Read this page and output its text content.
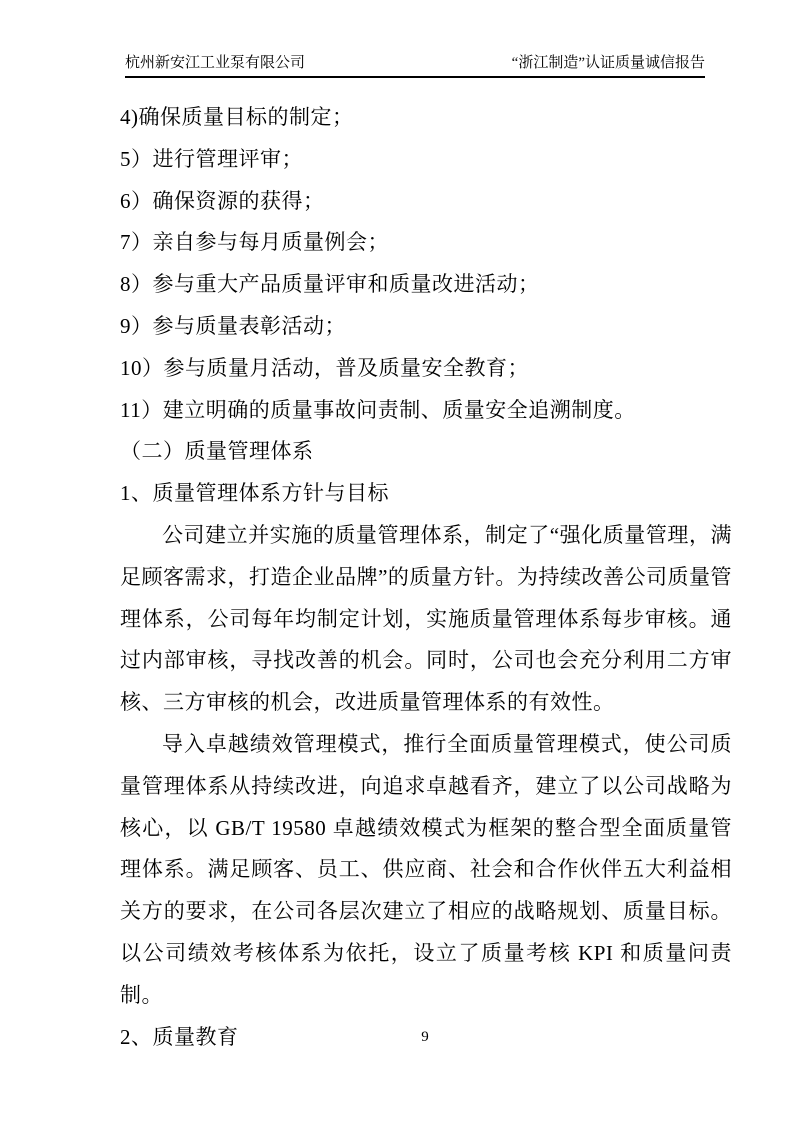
杭州新安江工业泵有限公司	“浙江制造”认证质量诚信报告
4)确保质量目标的制定；
5）进行管理评审；
6）确保资源的获得；
7）亲自参与每月质量例会；
8）参与重大产品质量评审和质量改进活动；
9）参与质量表彰活动；
10）参与质量月活动，普及质量安全教育；
11）建立明确的质量事故问责制、质量安全追溯制度。
（二）质量管理体系
1、质量管理体系方针与目标

公司建立并实施的质量管理体系，制定了“强化质量管理，满足顾客需求，打造企业品牌”的质量方针。为持续改善公司质量管理体系，公司每年均制定计划，实施质量管理体系每步审核。通过内部审核，寻找改善的机会。同时，公司也会充分利用二方审核、三方审核的机会，改进质量管理体系的有效性。

导入卓越绩效管理模式，推行全面质量管理模式，使公司质量管理体系从持续改进，向追求卓越看齐，建立了以公司战略为核心，以 GB/T 19580 卓越绩效模式为框架的整合型全面质量管理体系。满足顾客、员工、供应商、社会和合作伙伴五大利益相关方的要求，在公司各层次建立了相应的战略规划、质量目标。以公司绩效考核体系为依托，设立了质量考核 KPI 和质量问责制。

2、质量教育	9
